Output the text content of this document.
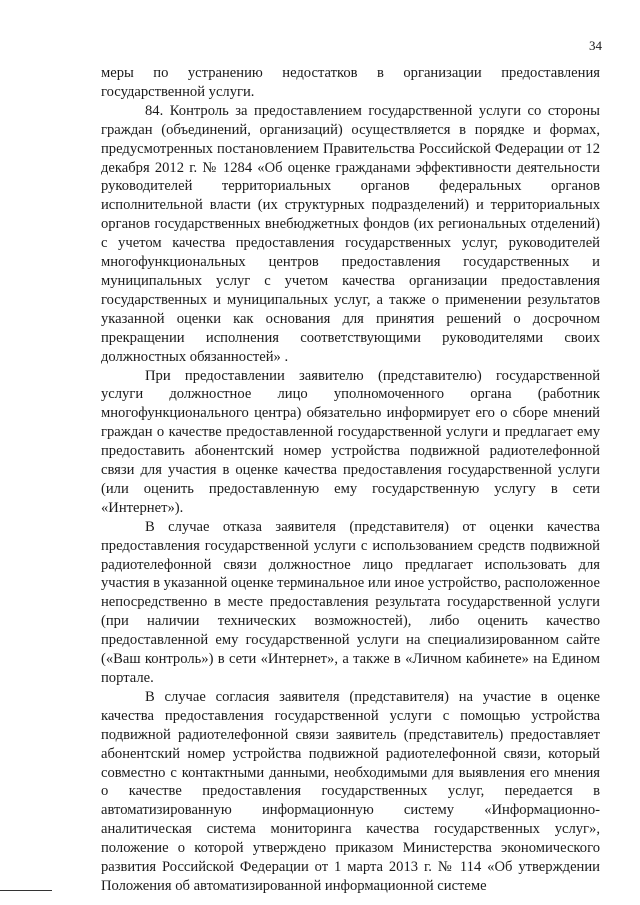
34

меры по устранению недостатков в организации предоставления государственной услуги.

84. Контроль за предоставлением государственной услуги со стороны граждан (объединений, организаций) осуществляется в порядке и формах, предусмотренных постановлением Правительства Российской Федерации от 12 декабря 2012 г. № 1284 «Об оценке гражданами эффективности деятельности руководителей территориальных органов федеральных органов исполнительной власти (их структурных подразделений) и территориальных органов государственных внебюджетных фондов (их региональных отделений) с учетом качества предоставления государственных услуг, руководителей многофункциональных центров предоставления государственных и муниципальных услуг с учетом качества организации предоставления государственных и муниципальных услуг, а также о применении результатов указанной оценки как основания для принятия решений о досрочном прекращении исполнения соответствующими руководителями своих должностных обязанностей» .

При предоставлении заявителю (представителю) государственной услуги должностное лицо уполномоченного органа (работник многофункционального центра) обязательно информирует его о сборе мнений граждан о качестве предоставленной государственной услуги и предлагает ему предоставить абонентский номер устройства подвижной радиотелефонной связи для участия в оценке качества предоставления государственной услуги (или оценить предоставленную ему государственную услугу в сети «Интернет»).

В случае отказа заявителя (представителя) от оценки качества предоставления государственной услуги с использованием средств подвижной радиотелефонной связи должностное лицо предлагает использовать для участия в указанной оценке терминальное или иное устройство, расположенное непосредственно в месте предоставления результата государственной услуги (при наличии технических возможностей), либо оценить качество предоставленной ему государственной услуги на специализированном сайте («Ваш контроль») в сети «Интернет», а также в «Личном кабинете» на Едином портале.

В случае согласия заявителя (представителя) на участие в оценке качества предоставления государственной услуги с помощью устройства подвижной радиотелефонной связи заявитель (представитель) предоставляет абонентский номер устройства подвижной радиотелефонной связи, который совместно с контактными данными, необходимыми для выявления его мнения о качестве предоставления государственных услуг, передается в автоматизированную информационную систему «Информационно-аналитическая система мониторинга качества государственных услуг», положение о которой утверждено приказом Министерства экономического развития Российской Федерации от 1 марта 2013 г. № 114 «Об утверждении Положения об автоматизированной информационной системе
